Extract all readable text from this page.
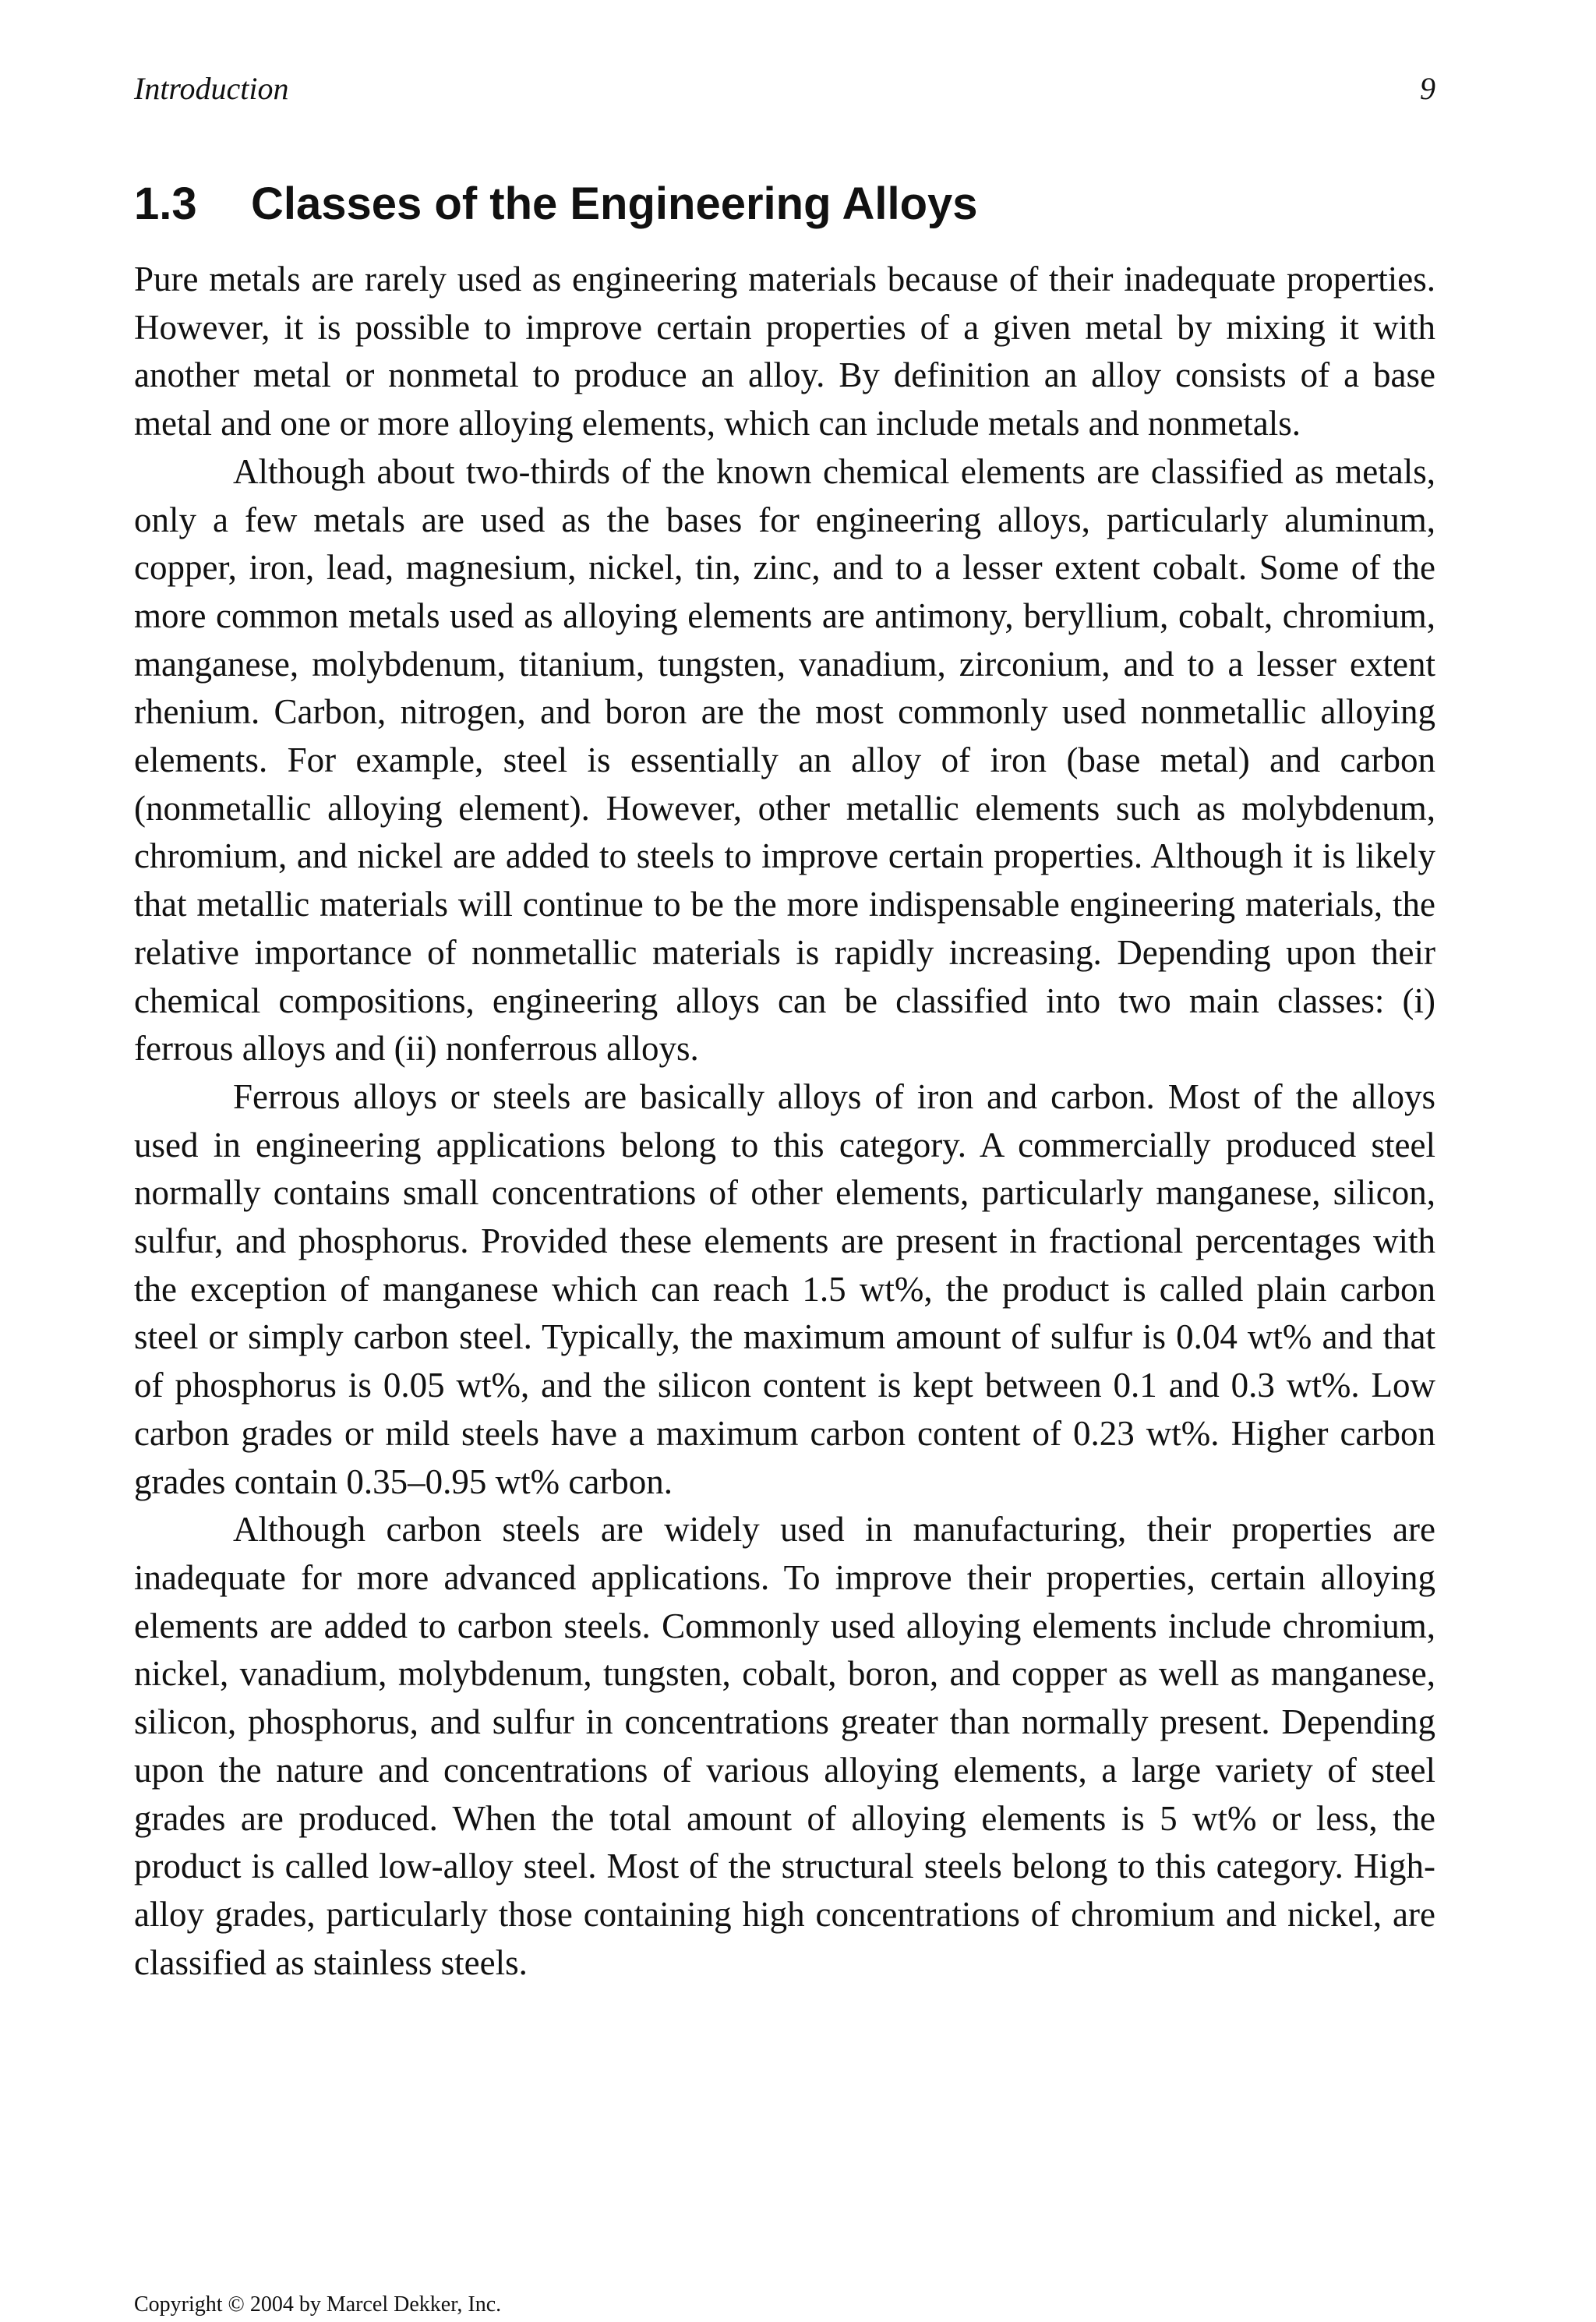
Introduction	9
1.3 Classes of the Engineering Alloys

Pure metals are rarely used as engineering materials because of their inadequate properties. However, it is possible to improve certain properties of a given metal by mixing it with another metal or nonmetal to produce an alloy. By definition an alloy consists of a base metal and one or more alloying elements, which can include metals and nonmetals.

Although about two-thirds of the known chemical elements are classified as metals, only a few metals are used as the bases for engineering alloys, particularly aluminum, copper, iron, lead, magnesium, nickel, tin, zinc, and to a lesser extent cobalt. Some of the more common metals used as alloying elements are antimony, beryllium, cobalt, chromium, manganese, molybdenum, titanium, tungsten, vanadium, zirconium, and to a lesser extent rhenium. Carbon, nitrogen, and boron are the most commonly used nonmetallic alloying elements. For example, steel is essentially an alloy of iron (base metal) and carbon (nonmetallic alloying element). However, other metallic elements such as molybdenum, chromium, and nickel are added to steels to improve certain properties. Although it is likely that metallic materials will continue to be the more indispensable engineering materials, the relative importance of nonmetallic materials is rapidly increasing. Depending upon their chemical compositions, engineering alloys can be classified into two main classes: (i) ferrous alloys and (ii) nonferrous alloys.

Ferrous alloys or steels are basically alloys of iron and carbon. Most of the alloys used in engineering applications belong to this category. A commercially produced steel normally contains small concentrations of other elements, particularly manganese, silicon, sulfur, and phosphorus. Provided these elements are present in fractional percentages with the exception of manganese which can reach 1.5 wt%, the product is called plain carbon steel or simply carbon steel. Typically, the maximum amount of sulfur is 0.04 wt% and that of phosphorus is 0.05 wt%, and the silicon content is kept between 0.1 and 0.3 wt%. Low carbon grades or mild steels have a maximum carbon content of 0.23 wt%. Higher carbon grades contain 0.35–0.95 wt% carbon.

Although carbon steels are widely used in manufacturing, their properties are inadequate for more advanced applications. To improve their properties, certain alloying elements are added to carbon steels. Commonly used alloying elements include chromium, nickel, vanadium, molybdenum, tungsten, cobalt, boron, and copper as well as manganese, silicon, phosphorus, and sulfur in concentrations greater than normally present. Depending upon the nature and concentrations of various alloying elements, a large variety of steel grades are produced. When the total amount of alloying elements is 5 wt% or less, the product is called low-alloy steel. Most of the structural steels belong to this category. High-alloy grades, particularly those containing high concentrations of chromium and nickel, are classified as stainless steels.

Copyright © 2004 by Marcel Dekker, Inc.
